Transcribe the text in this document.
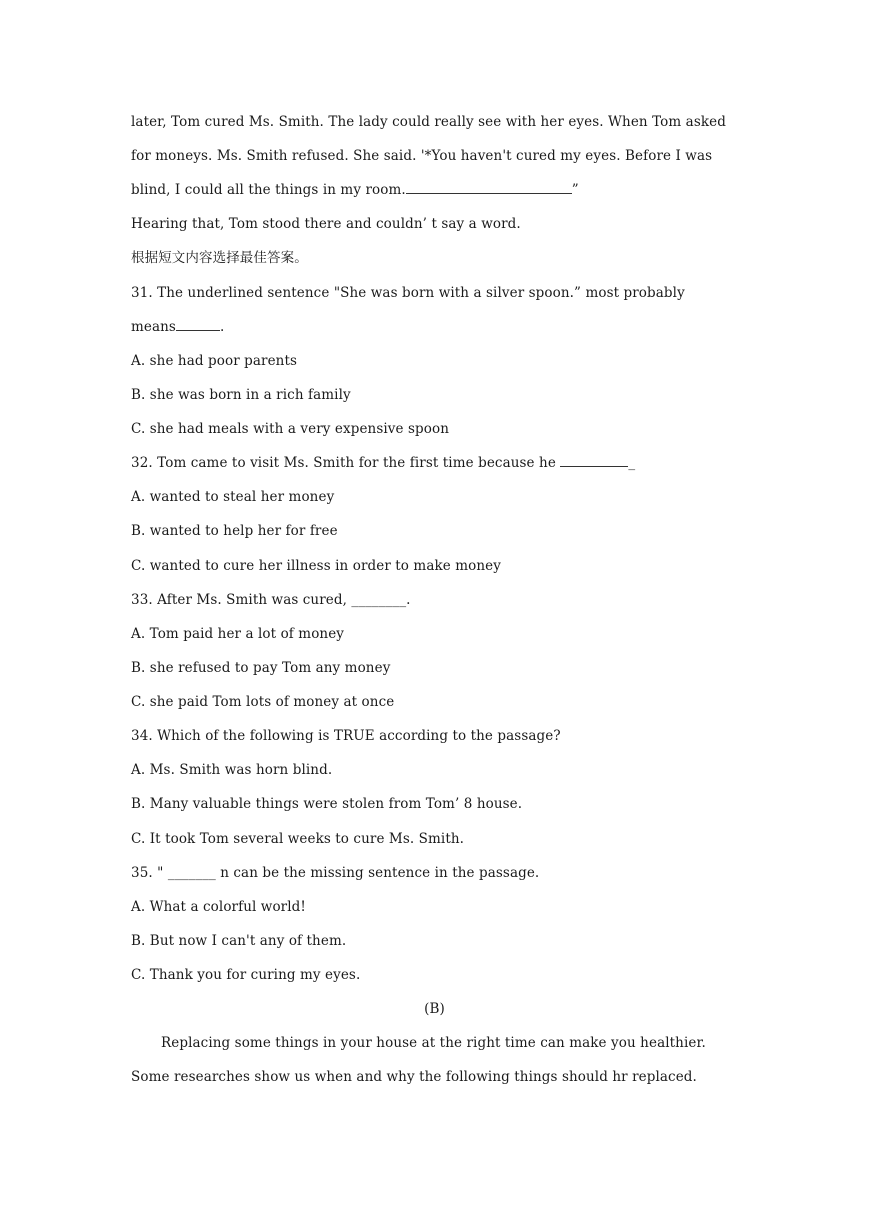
later, Tom cured Ms. Smith. The lady could really see with her eyes. When Tom asked
for moneys. Ms. Smith refused. She said. '*You haven't cured my eyes. Before I was
blind, I could all the things in my room.	”
Hearing that, Tom stood there and couldn’ t say a word.
根据短文内容选择最佳答案。
31. The underlined sentence "She was born with a silver spoon.” most probably
means	.
A. she had poor parents
B. she was born in a rich family
C. she had meals with a very expensive spoon
32. Tom came to visit Ms. Smith for the first time because he	_
A. wanted to steal her money
B. wanted to help her for free
C. wanted to cure her illness in order to make money
33. After Ms. Smith was cured, ________.
A. Tom paid her a lot of money
B. she refused to pay Tom any money
C. she paid Tom lots of money at once
34. Which of the following is TRUE according to the passage?
A. Ms. Smith was horn blind.
B. Many valuable things were stolen from Tom’ 8 house.
C. It took Tom several weeks to cure Ms. Smith.
35. " _______ n can be the missing sentence in the passage.
A. What a colorful world!
B. But now I can't any of them.
C. Thank you for curing my eyes.
(B)
Replacing some things in your house at the right time can make you healthier.
Some researches show us when and why the following things should hr replaced.
